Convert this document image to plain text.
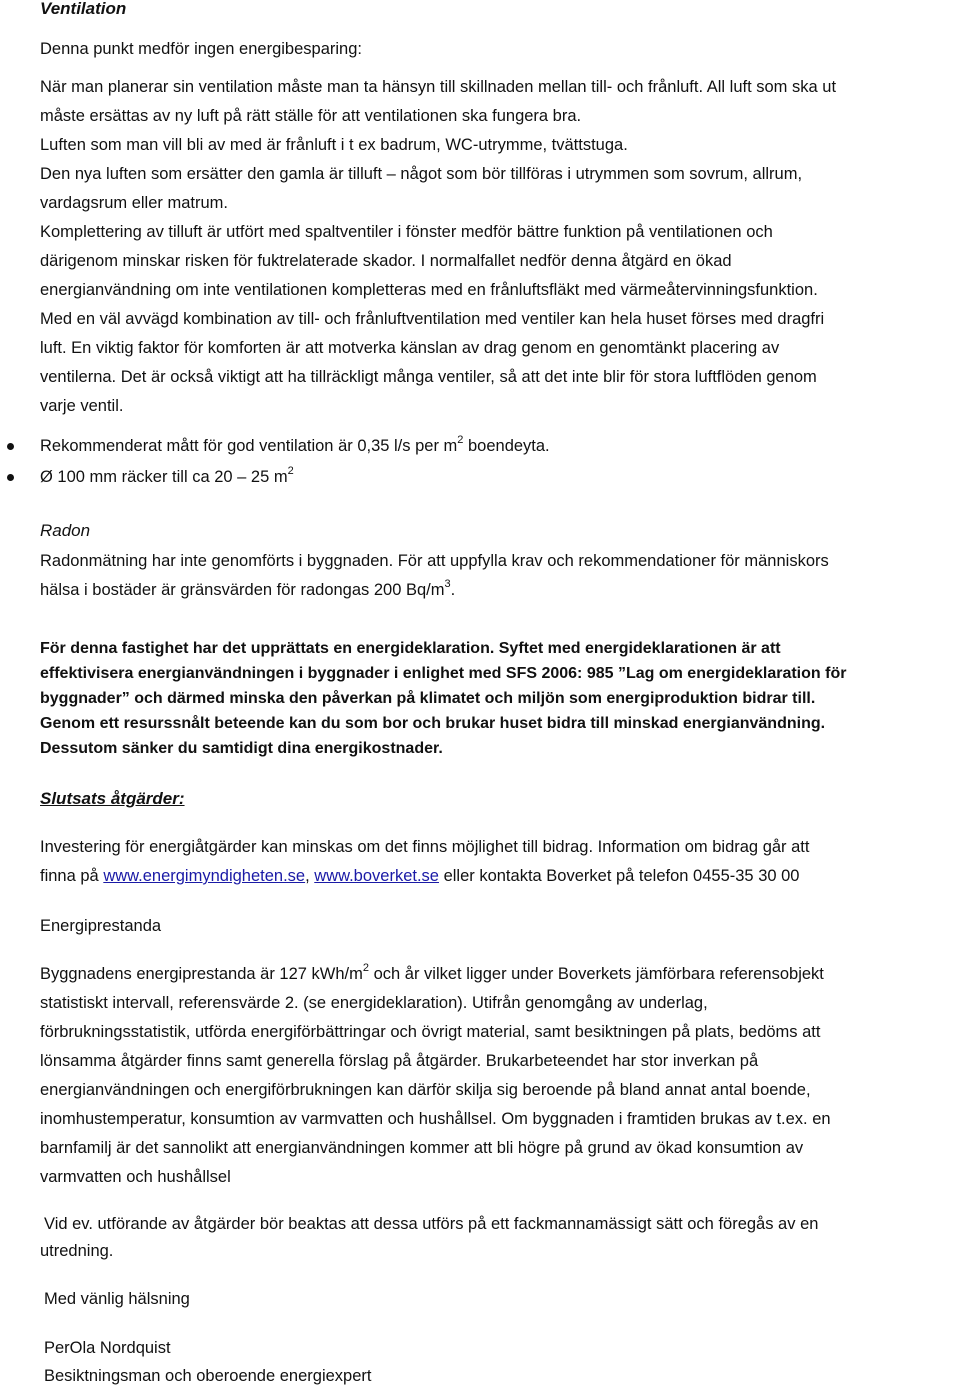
Ventilation

Denna punkt medför ingen energibesparing:

När man planerar sin ventilation måste man ta hänsyn till skillnaden mellan till- och frånluft. All luft som ska ut

måste ersättas av ny luft på rätt ställe för att ventilationen ska fungera bra.

Luften som man vill bli av med är frånluft i t ex badrum, WC-utrymme, tvättstuga.

Den nya luften som ersätter den gamla är tilluft – något som bör tillföras i utrymmen som sovrum, allrum,

vardagsrum eller matrum.

Komplettering av tilluft är utfört med spaltventiler i fönster medför bättre funktion på ventilationen och

därigenom minskar risken för fuktrelaterade skador. I normalfallet nedför denna åtgärd en ökad

energianvändning om inte ventilationen kompletteras med en frånluftsfläkt med värmeåtervinningsfunktion.

Med en väl avvägd kombination av till- och frånluftventilation med ventiler kan hela huset förses med dragfri

luft. En viktig faktor för komforten är att motverka känslan av drag genom en genomtänkt placering av

ventilerna. Det är också viktigt att ha tillräckligt många ventiler, så att det inte blir för stora luftflöden genom

varje ventil.

Rekommenderat mått för god ventilation är 0,35 l/s per $m^2$ boendeyta.
Ø 100 mm räcker till ca 20 – 25 $m^2$

Radon

Radonmätning har inte genomförts i byggnaden. För att uppfylla krav och rekommendationer för människors

hälsa i bostäder är gränsvärden för radongas 200 $Bq/m^3$.

För denna fastighet har det upprättats en energideklaration. Syftet med energideklarationen är att

effektivisera energianvändningen i byggnader i enlighet med SFS 2006: 985 ”Lag om energideklaration för

byggnader” och därmed minska den påverkan på klimatet och miljön som energiproduktion bidrar till.

Genom ett resurssnålt beteende kan du som bor och brukar huset bidra till minskad energianvändning.

Dessutom sänker du samtidigt dina energikostnader.

Slutsats åtgärder:

Investering för energiåtgärder kan minskas om det finns möjlighet till bidrag. Information om bidrag går att

finna på www.energimyndigheten.se, www.boverket.se eller kontakta Boverket på telefon 0455-35 30 00

Energiprestanda

Byggnadens energiprestanda är 127 kWh/$m^2$ och år vilket ligger under Boverkets jämförbara referensobjekt

statistiskt intervall, referensvärde 2. (se energideklaration). Utifrån genomgång av underlag,

förbrukningsstatistik, utförda energiförbättringar och övrigt material, samt besiktningen på plats, bedöms att

lönsamma åtgärder finns samt generella förslag på åtgärder. Brukarbeteendet har stor inverkan på

energianvändningen och energiförbrukningen kan därför skilja sig beroende på bland annat antal boende,

inomhustemperatur, konsumtion av varmvatten och hushållsel. Om byggnaden i framtiden brukas av t.ex. en

barnfamilj är det sannolikt att energianvändningen kommer att bli högre på grund av ökad konsumtion av

varmvatten och hushållsel

Vid ev. utförande av åtgärder bör beaktas att dessa utförs på ett fackmannamässigt sätt och föregås av en

utredning.

Med vänlig hälsning

PerOla Nordquist

Besiktningsman och oberoende energiexpert
